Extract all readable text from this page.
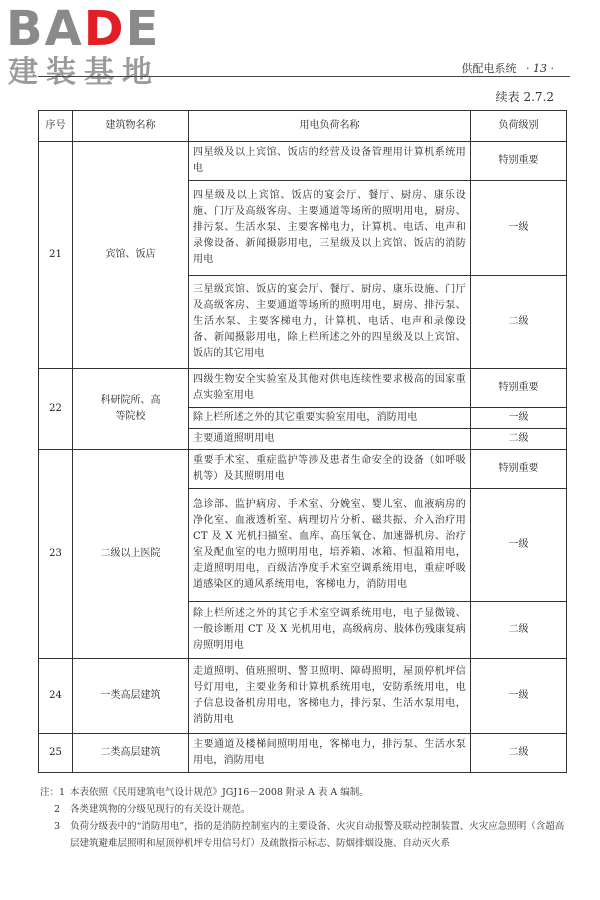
BADE
建装基地	供配电系统 · 13 ·
续表 2.7.2
序号	建筑物名称	用电负荷名称	负荷级别
21	宾馆、饭店	四星级及以上宾馆、饭店的经营及设备管理用计算机系统用电	特别重要
		四星级及以上宾馆、饭店的宴会厅、餐厅、厨房、康乐设施、门厅及高级客房、主要通道等场所的照明用电，厨房、排污泵、生活水泵、主要客梯电力，计算机、电话、电声和录像设备、新闻摄影用电，三星级及以上宾馆、饭店的消防用电	一级
		三星级宾馆、饭店的宴会厅、餐厅、厨房、康乐设施、门厅及高级客房、主要通道等场所的照明用电，厨房、排污泵、生活水泵、主要客梯电力，计算机、电话、电声和录像设备、新闻摄影用电，除上栏所述之外的四星级及以上宾馆、饭店的其它用电	二级
22	科研院所、高等院校	四级生物安全实验室及其他对供电连续性要求极高的国家重点实验室用电	特别重要
		除上栏所述之外的其它重要实验室用电，消防用电	一级
		主要通道照明用电	二级
23	二级以上医院	重要手术室、重症监护等涉及患者生命安全的设备（如呼吸机等）及其照明用电	特别重要
		急诊部、监护病房、手术室、分娩室、婴儿室、血液病房的净化室、血液透析室、病理切片分析、磁共振、介入治疗用 CT 及 X 光机扫描室、血库、高压氧仓、加速器机房、治疗室及配血室的电力照明用电，培养箱、冰箱、恒温箱用电，走道照明用电，百级洁净度手术室空调系统用电，重症呼吸道感染区的通风系统用电，客梯电力，消防用电	一级
		除上栏所述之外的其它手术室空调系统用电，电子显微镜、一般诊断用 CT 及 X 光机用电，高级病房、肢体伤残康复病房照明用电	二级
24	一类高层建筑	走道照明、值班照明、警卫照明、障碍照明，屋顶停机坪信号灯用电，主要业务和计算机系统用电，安防系统用电，电子信息设备机房用电，客梯电力，排污泵、生活水泵用电，消防用电	一级
25	二类高层建筑	主要通道及楼梯间照明用电，客梯电力，排污泵、生活水泵用电，消防用电	二级
注：1 本表依照《民用建筑电气设计规范》JGJ16－2008 附录 A 表 A 编制。
2	各类建筑物的分级见现行的有关设计规范。
3	负荷分级表中的“消防用电”，指的是消防控制室内的主要设备、火灾自动报警及联动控制装置、火灾应急照明（含超高层建筑避难层照明和屋顶停机坪专用信号灯）及疏散指示标志、防烟排烟设施、自动灭火系
